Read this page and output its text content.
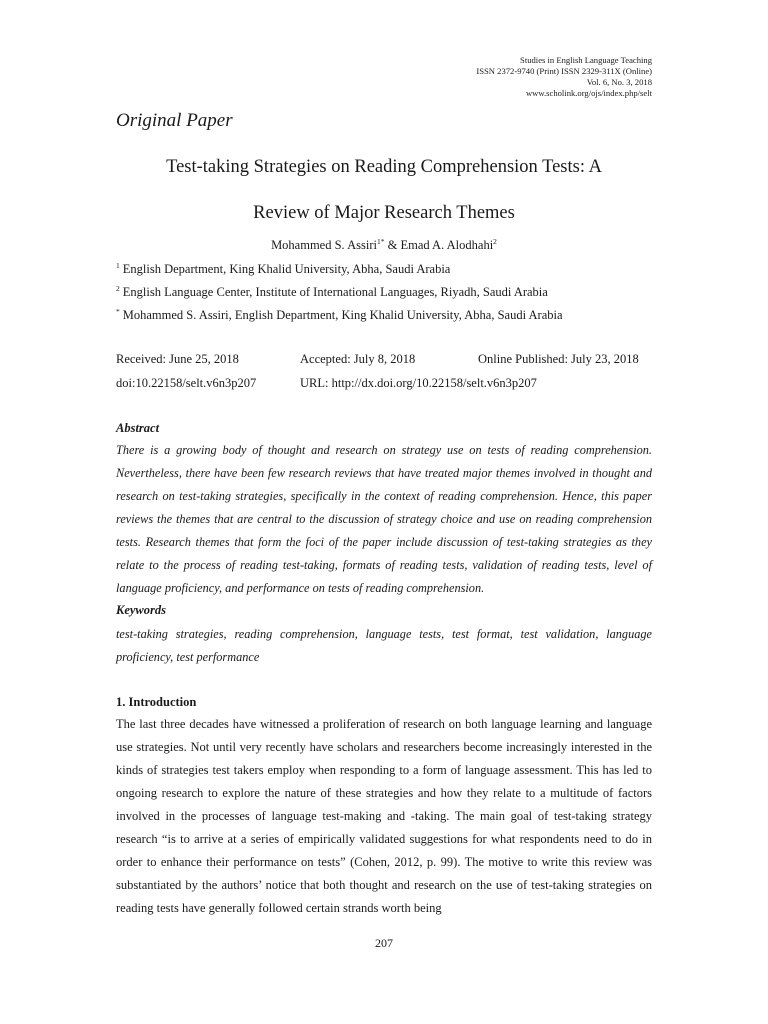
Studies in English Language Teaching
ISSN 2372-9740 (Print) ISSN 2329-311X (Online)
Vol. 6, No. 3, 2018
www.scholink.org/ojs/index.php/selt
Original Paper
Test-taking Strategies on Reading Comprehension Tests: A
Review of Major Research Themes
Mohammed S. Assiri$^{1*}$ & Emad A. Alodhahi$^2$
$^1$ English Department, King Khalid University, Abha, Saudi Arabia
$^2$ English Language Center, Institute of International Languages, Riyadh, Saudi Arabia
* Mohammed S. Assiri, English Department, King Khalid University, Abha, Saudi Arabia
Received: June 25, 2018	Accepted: July 8, 2018	Online Published: July 23, 2018
doi:10.22158/selt.v6n3p207	URL: http://dx.doi.org/10.22158/selt.v6n3p207
Abstract

There is a growing body of thought and research on strategy use on tests of reading comprehension. Nevertheless, there have been few research reviews that have treated major themes involved in thought and research on test-taking strategies, specifically in the context of reading comprehension. Hence, this paper reviews the themes that are central to the discussion of strategy choice and use on reading comprehension tests. Research themes that form the foci of the paper include discussion of test-taking strategies as they relate to the process of reading test-taking, formats of reading tests, validation of reading tests, level of language proficiency, and performance on tests of reading comprehension.

Keywords

test-taking strategies, reading comprehension, language tests, test format, test validation, language proficiency, test performance

1. Introduction

The last three decades have witnessed a proliferation of research on both language learning and language use strategies. Not until very recently have scholars and researchers become increasingly interested in the kinds of strategies test takers employ when responding to a form of language assessment. This has led to ongoing research to explore the nature of these strategies and how they relate to a multitude of factors involved in the processes of language test-making and -taking. The main goal of test-taking strategy research “is to arrive at a series of empirically validated suggestions for what respondents need to do in order to enhance their performance on tests” (Cohen, 2012, p. 99). The motive to write this review was substantiated by the authors’ notice that both thought and research on the use of test-taking strategies on reading tests have generally followed certain strands worth being

207
